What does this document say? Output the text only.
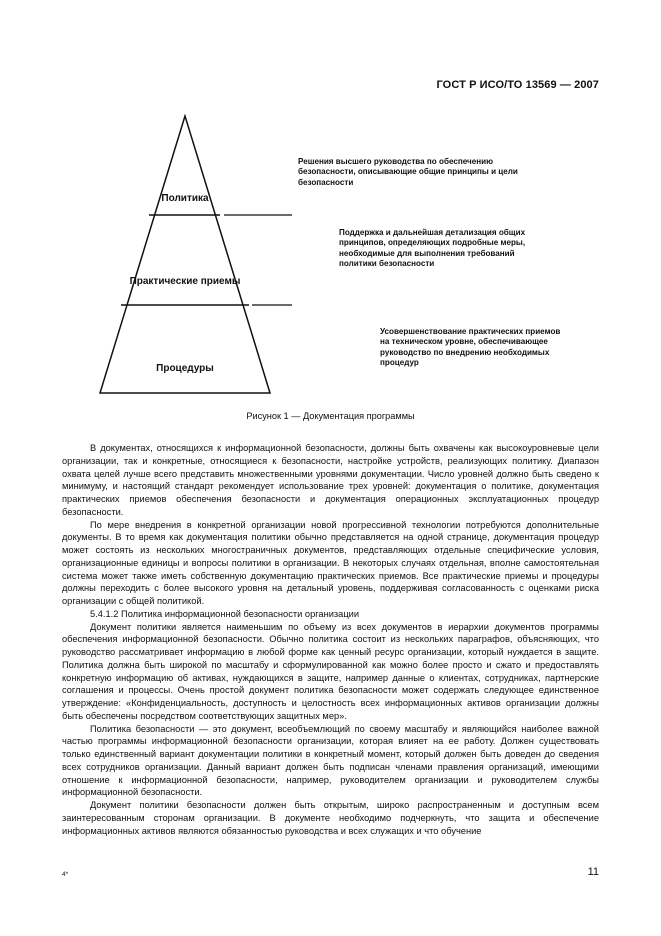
ГОСТ Р ИСО/ТО 13569 — 2007
Политика
Практические приемы
Процедуры
Решения высшего руководства по обеспечению
безопасности, описывающие общие принципы и цели
безопасности
Поддержка и дальнейшая детализация общих
принципов, определяющих подробные меры,
необходимые для выполнения требований
политики безопасности
Усовершенствование практических приемов
на техническом уровне, обеспечивающее
руководство по внедрению необходимых
процедур
Рисунок 1 — Документация программы

В документах, относящихся к информационной безопасности, должны быть охвачены как высокоуровневые цели организации, так и конкретные, относящиеся к безопасности, настройке устройств, реализующих политику. Диапазон охвата целей лучше всего представить множественными уровнями документации. Число уровней должно быть сведено к минимуму, и настоящий стандарт рекомендует использование трех уровней: документация о политике, документация практических приемов обеспечения безопасности и документация операционных эксплуатационных процедур безопасности.

По мере внедрения в конкретной организации новой прогрессивной технологии потребуются дополнительные документы. В то время как документация политики обычно представляется на одной странице, документация процедур может состоять из нескольких многостраничных документов, представляющих отдельные специфические условия, организационные единицы и вопросы политики в организации. В некоторых случаях отдельная, вполне самостоятельная система может также иметь собственную документацию практических приемов. Все практические приемы и процедуры должны переходить с более высокого уровня на детальный уровень, поддерживая согласованность с оценками риска организации с общей политикой.

5.4.1.2 Политика информационной безопасности организации

Документ политики является наименьшим по объему из всех документов в иерархии документов программы обеспечения информационной безопасности. Обычно политика состоит из нескольких параграфов, объясняющих, что руководство рассматривает информацию в любой форме как ценный ресурс организации, который нуждается в защите. Политика должна быть широкой по масштабу и сформулированной как можно более просто и сжато и предоставлять конкретную информацию об активах, нуждающихся в защите, например данные о клиентах, сотрудниках, партнерские соглашения и процессы. Очень простой документ политика безопасности может содержать следующее единственное утверждение: «Конфиденциальность, доступность и целостность всех информационных активов организации должны быть обеспечены посредством соответствующих защитных мер».

Политика безопасности — это документ, всеобъемлющий по своему масштабу и являющийся наиболее важной частью программы информационной безопасности организации, которая влияет на ее работу. Должен существовать только единственный вариант документации политики в конкретный момент, который должен быть доведен до сведения всех сотрудников организации. Данный вариант должен быть подписан членами правления организаций, имеющими отношение к информационной безопасности, например, руководителем организации и руководителем службы информационной безопасности.

Документ политики безопасности должен быть открытым, широко распространенным и доступным всем заинтересованным сторонам организации. В документе необходимо подчеркнуть, что защита и обеспечение информационных активов являются обязанностью руководства и всех служащих и что обучение

4*	11
